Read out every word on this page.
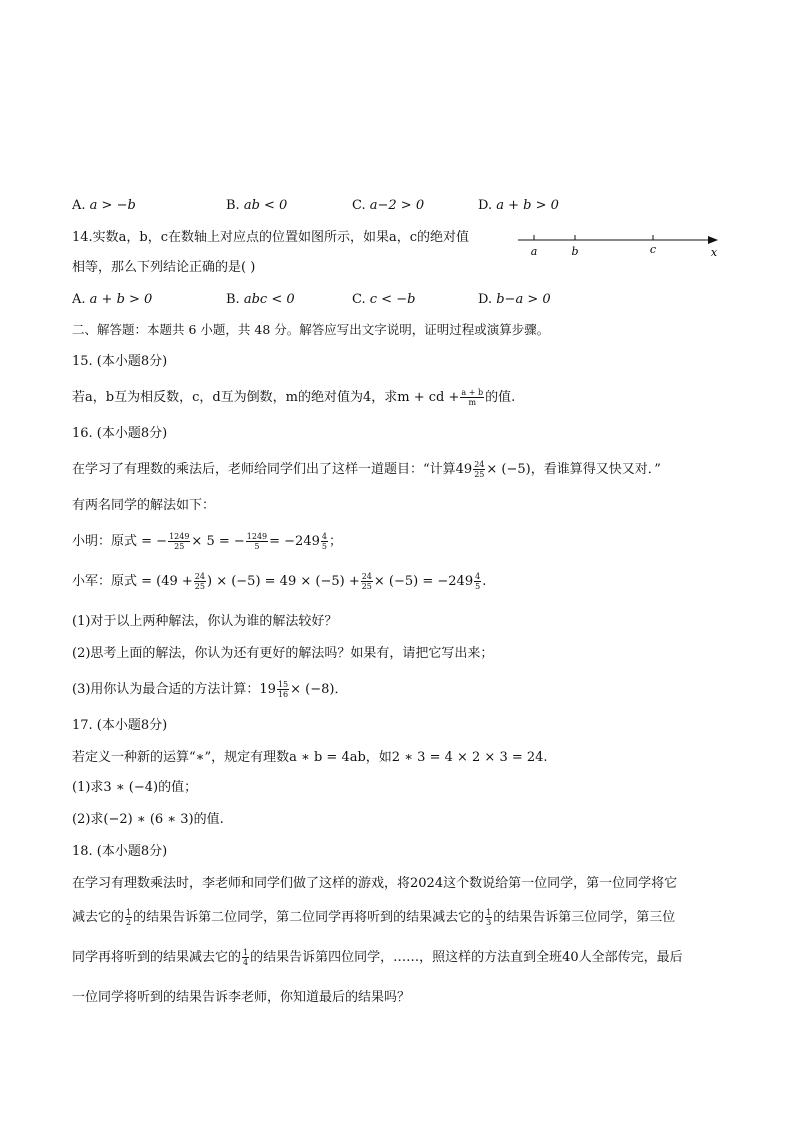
A. a > −b	B. ab < 0	C. a−2 > 0	D. a + b > 0
14.实数a，b，c在数轴上对应点的位置如图所示，如果a，c的绝对值
相等，那么下列结论正确的是( )
a	b	c	x
A. a + b > 0	B. abc < 0	C. c < −b	D. b−a > 0
二、解答题：本题共 6 小题，共 48 分。解答应写出文字说明，证明过程或演算步骤。
15. (本小题8分)
若a，b互为相反数，c，d互为倒数，m的绝对值为4，求m + cd + $\frac{a + b}{m}$ 的值.
16. (本小题8分)
在学习了有理数的乘法后，老师给同学们出了这样一道题目：“计算$49 \frac{24}{25} \times (-5)$，看谁算得又快又对．”
有两名同学的解法如下：
小明：原式 = − $\frac{1249}{25} \times 5$ = − $\frac{1249}{5} = -249 \frac{4}{5}$ ；
小军：原式 = ($49 + \frac{24}{25}$ ) × $(-5) = 49 \times (-5) + \frac{24}{25} \times (-5) = -249 \frac{4}{5}$ .
(1)对于以上两种解法，你认为谁的解法较好？
(2)思考上面的解法，你认为还有更好的解法吗？如果有，请把它写出来；
(3)用你认为最合适的方法计算：$19 \frac{15}{16} \times (-8)$．
17. (本小题8分)
若定义一种新的运算“∗”，规定有理数a ∗ b = 4ab，如2 ∗ 3 = 4 × 2 × 3 = 24.
(1)求3 ∗ (−4)的值；
(2)求(−2) ∗ (6 ∗ 3)的值.
18. (本小题8分)
在学习有理数乘法时，李老师和同学们做了这样的游戏，将2024这个数说给第一位同学，第一位同学将它
减去它的 $\frac{1}{2}$ 的结果告诉第二位同学，第二位同学再将听到的结果减去它的 $\frac{1}{3}$ 的结果告诉第三位同学，第三位
同学再将听到的结果减去它的 $\frac{1}{4}$ 的结果告诉第四位同学，……，照这样的方法直到全班40人全部传完，最后
一位同学将听到的结果告诉李老师，你知道最后的结果吗？
